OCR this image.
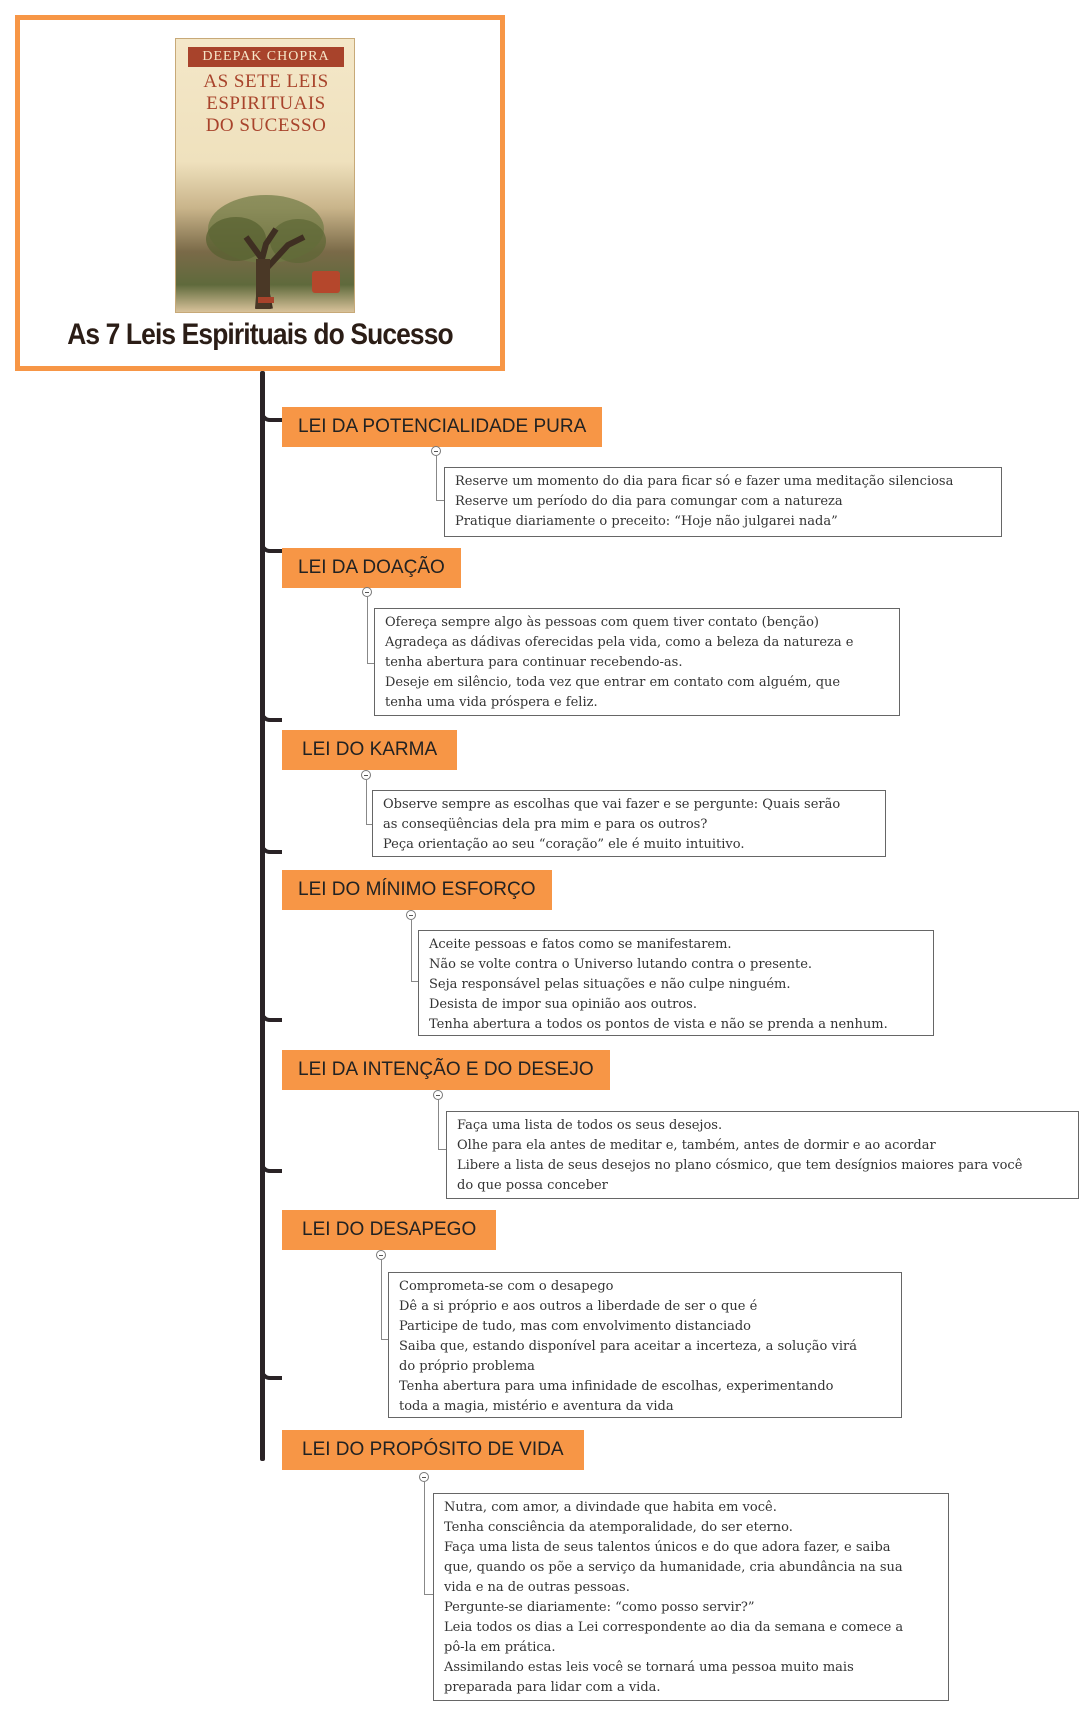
DEEPAK CHOPRA
AS SETE LEIS
ESPIRITUAIS
DO SUCESSO
As 7 Leis Espirituais do Sucesso
LEI DA POTENCIALIDADE PURA
Reserve um momento do dia para ficar só e fazer uma meditação silenciosa
Reserve um período do dia para comungar com a natureza
Pratique diariamente o preceito: “Hoje não julgarei nada”
LEI DA DOAÇÃO
Ofereça sempre algo às pessoas com quem tiver contato (benção)
Agradeça as dádivas oferecidas pela vida, como a beleza da natureza e
tenha abertura para continuar recebendo-as.
Deseje em silêncio, toda vez que entrar em contato com alguém, que
tenha uma vida próspera e feliz.
LEI DO KARMA
Observe sempre as escolhas que vai fazer e se pergunte: Quais serão
as conseqüências dela pra mim e para os outros?
Peça orientação ao seu “coração” ele é muito intuitivo.
LEI DO MÍNIMO ESFORÇO
Aceite pessoas e fatos como se manifestarem.
Não se volte contra o Universo lutando contra o presente.
Seja responsável pelas situações e não culpe ninguém.
Desista de impor sua opinião aos outros.
Tenha abertura a todos os pontos de vista e não se prenda a nenhum.
LEI DA INTENÇÃO E DO DESEJO
Faça uma lista de todos os seus desejos.
Olhe para ela antes de meditar e, também, antes de dormir e ao acordar
Libere a lista de seus desejos no plano cósmico, que tem desígnios maiores para você
do que possa conceber
LEI DO DESAPEGO
Comprometa-se com o desapego
Dê a si próprio e aos outros a liberdade de ser o que é
Participe de tudo, mas com envolvimento distanciado
Saiba que, estando disponível para aceitar a incerteza, a solução virá
do próprio problema
Tenha abertura para uma infinidade de escolhas, experimentando
toda a magia, mistério e aventura da vida
LEI DO PROPÓSITO DE VIDA
Nutra, com amor, a divindade que habita em você.
Tenha consciência da atemporalidade, do ser eterno.
Faça uma lista de seus talentos únicos e do que adora fazer, e saiba
que, quando os põe a serviço da humanidade, cria abundância na sua
vida e na de outras pessoas.
Pergunte-se diariamente: “como posso servir?”
Leia todos os dias a Lei correspondente ao dia da semana e comece a
pô-la em prática.
Assimilando estas leis você se tornará uma pessoa muito mais
preparada para lidar com a vida.
